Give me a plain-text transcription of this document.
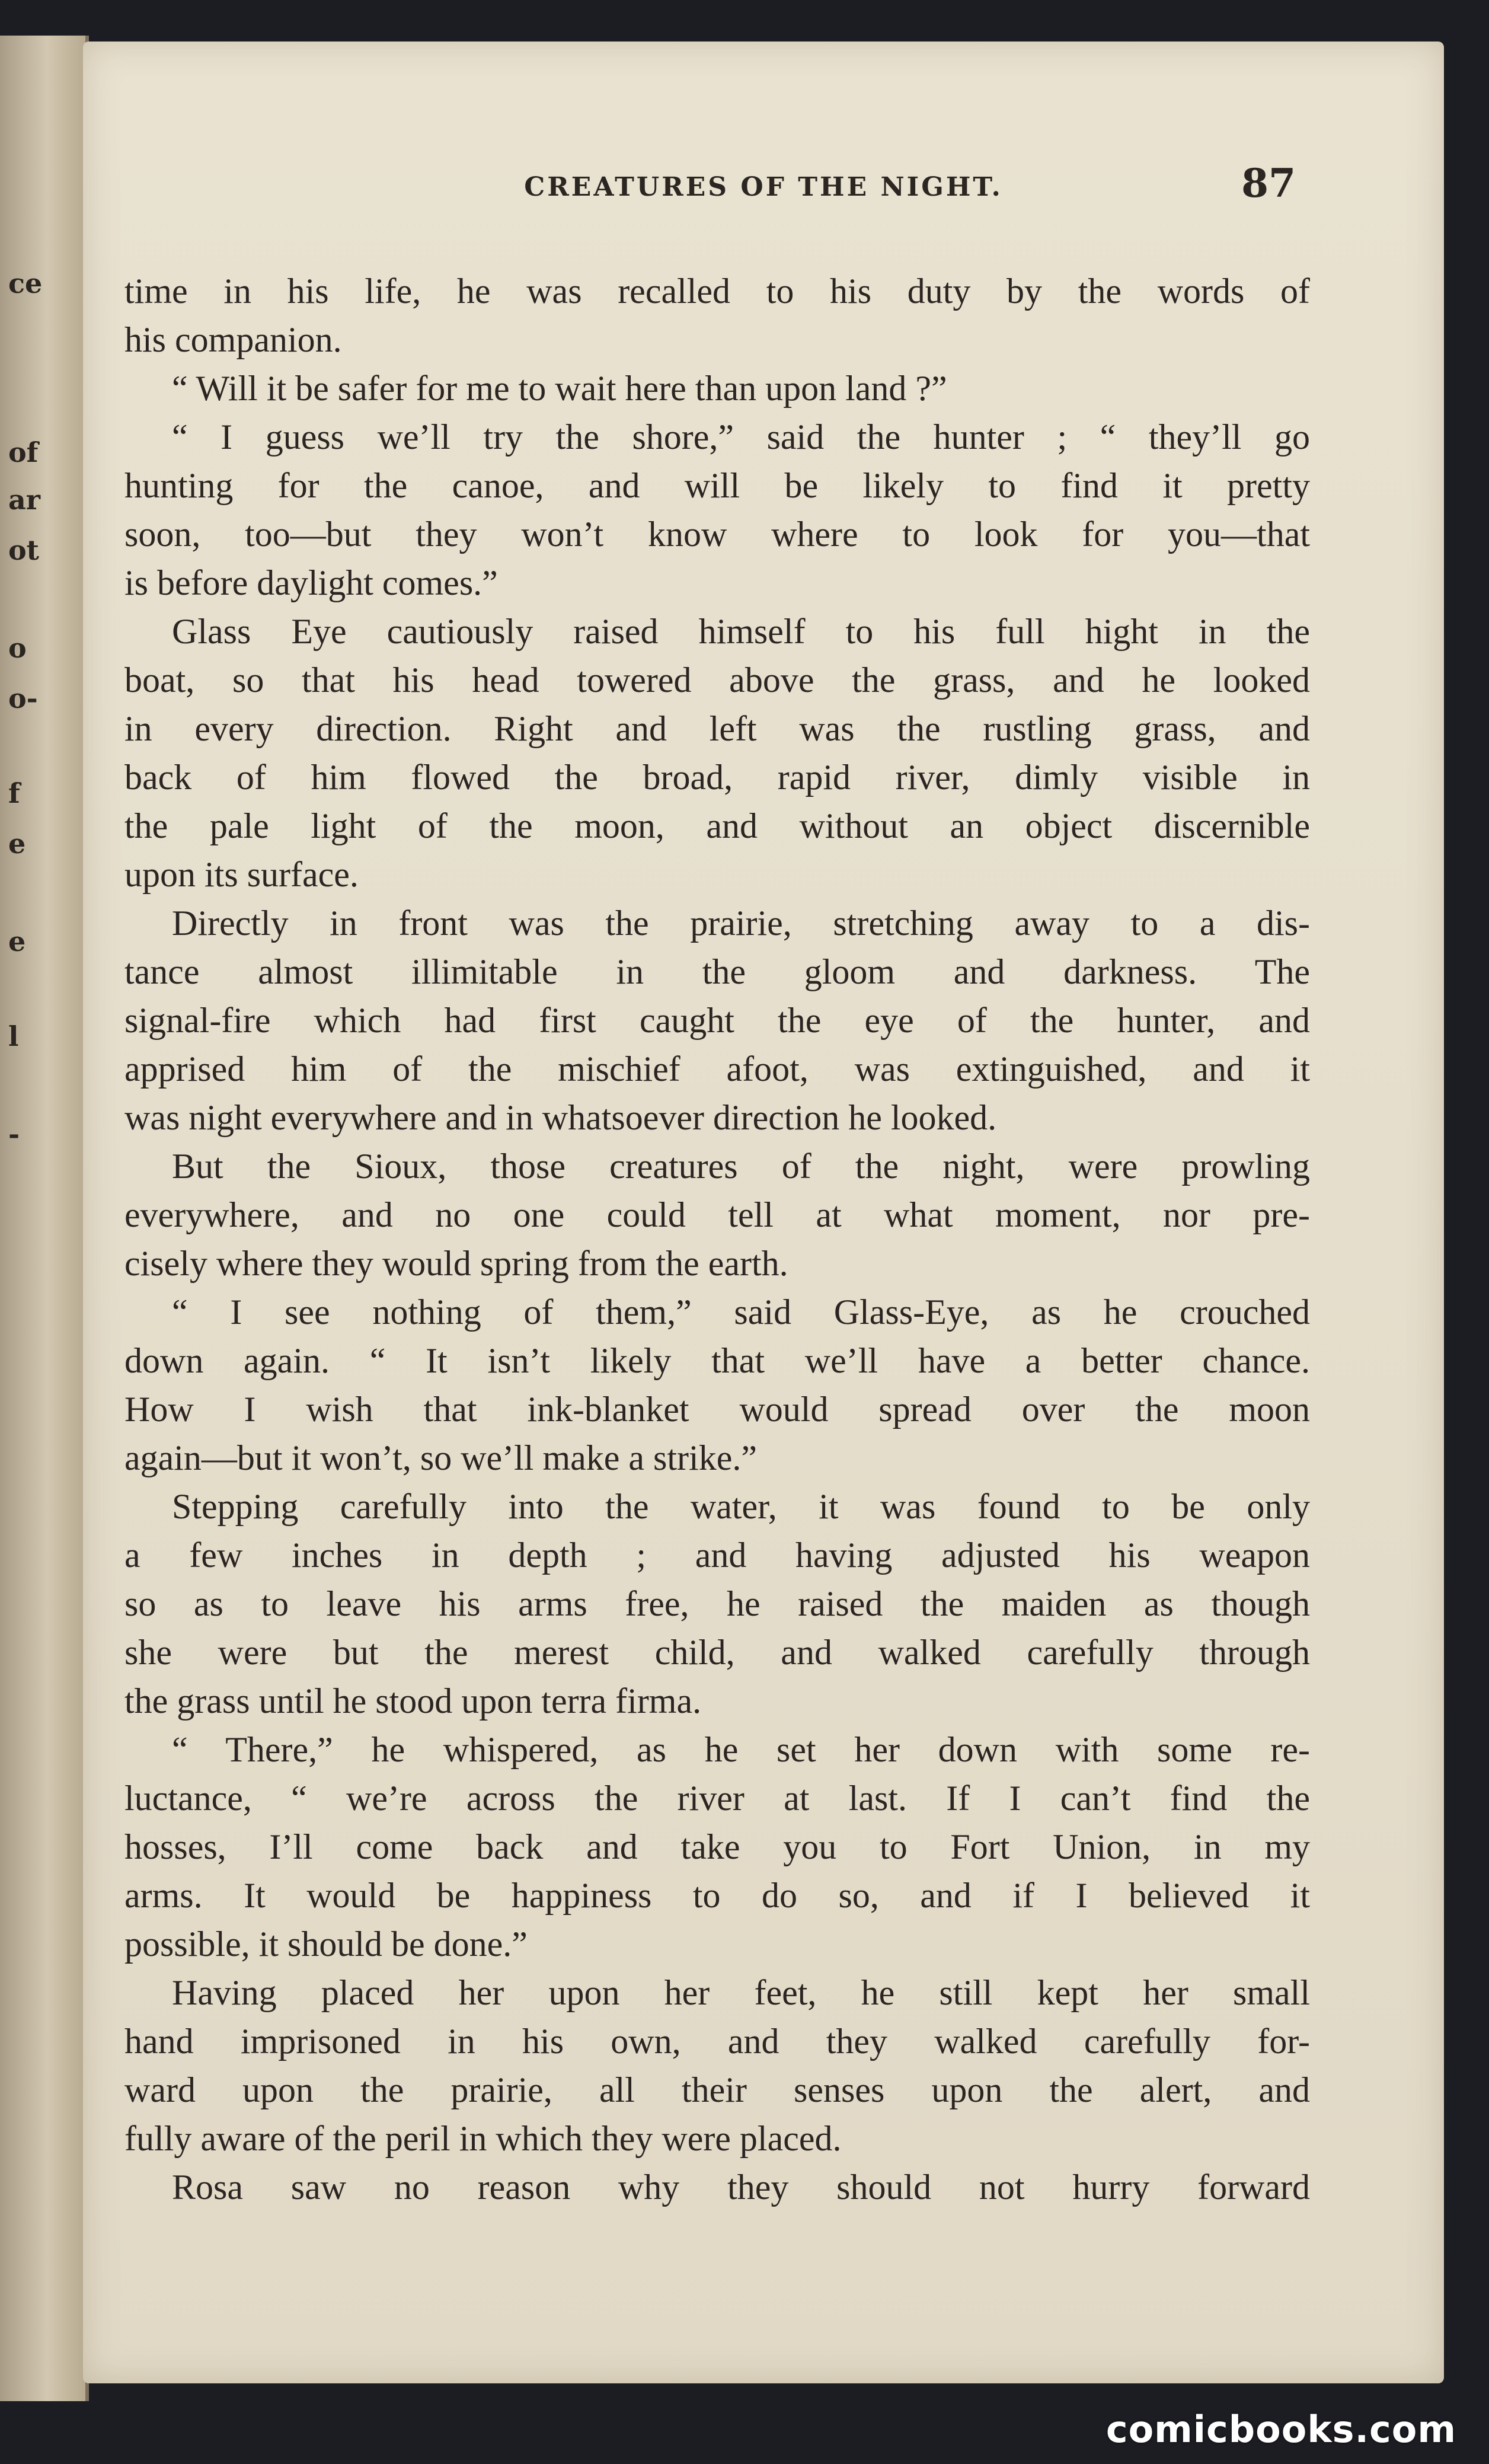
ce
of
ar
ot
o
o-
f
e
e
l
-
CREATURES OF THE NIGHT.	87
time in his life, he was recalled to his duty by the words of
his companion.
“ Will it be safer for me to wait here than upon land ?”
“ I guess we’ll try the shore,” said the hunter ; “ they’ll go
hunting for the canoe, and will be likely to find it pretty
soon, too—but they won’t know where to look for you—that
is before daylight comes.”
Glass Eye cautiously raised himself to his full hight in the
boat, so that his head towered above the grass, and he looked
in every direction. Right and left was the rustling grass, and
back of him flowed the broad, rapid river, dimly visible in
the pale light of the moon, and without an object discernible
upon its surface.
Directly in front was the prairie, stretching away to a dis-
tance almost illimitable in the gloom and darkness. The
signal-fire which had first caught the eye of the hunter, and
apprised him of the mischief afoot, was extinguished, and it
was night everywhere and in whatsoever direction he looked.
But the Sioux, those creatures of the night, were prowling
everywhere, and no one could tell at what moment, nor pre-
cisely where they would spring from the earth.
“ I see nothing of them,” said Glass-Eye, as he crouched
down again. “ It isn’t likely that we’ll have a better chance.
How I wish that ink-blanket would spread over the moon
again—but it won’t, so we’ll make a strike.”
Stepping carefully into the water, it was found to be only
a few inches in depth ; and having adjusted his weapon
so as to leave his arms free, he raised the maiden as though
she were but the merest child, and walked carefully through
the grass until he stood upon terra firma.
“ There,” he whispered, as he set her down with some re-
luctance, “ we’re across the river at last. If I can’t find the
hosses, I’ll come back and take you to Fort Union, in my
arms. It would be happiness to do so, and if I believed it
possible, it should be done.”
Having placed her upon her feet, he still kept her small
hand imprisoned in his own, and they walked carefully for-
ward upon the prairie, all their senses upon the alert, and
fully aware of the peril in which they were placed.
Rosa saw no reason why they should not hurry forward
comicbooks.com
